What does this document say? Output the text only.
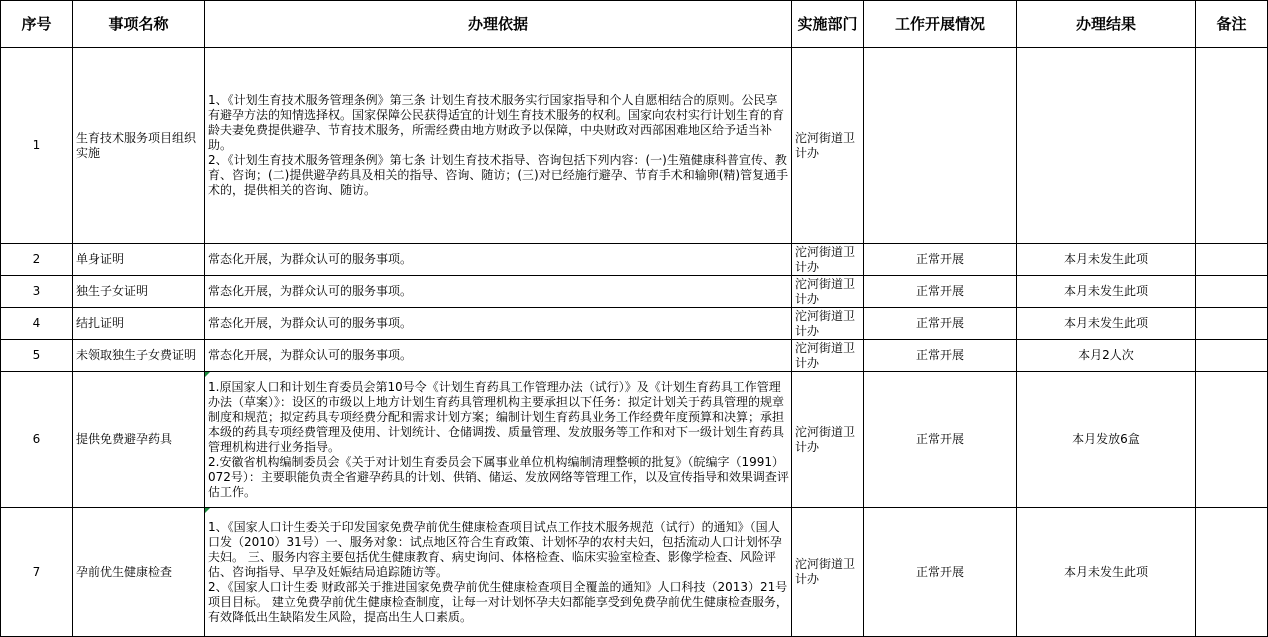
序号	事项名称	办理依据	实施部门	工作开展情况	办理结果	备注
1	生育技术服务项目组织实施	1、《计划生育技术服务管理条例》第三条 计划生育技术服务实行国家指导和个人自愿相结合的原则。公民享有避孕方法的知情选择权。国家保障公民获得适宜的计划生育技术服务的权利。国家向农村实行计划生育的育龄夫妻免费提供避孕、节育技术服务，所需经费由地方财政予以保障，中央财政对西部困难地区给予适当补助。

2、《计划生育技术服务管理条例》第七条 计划生育技术指导、咨询包括下列内容：(一)生殖健康科普宣传、教育、咨询；(二)提供避孕药具及相关的指导、咨询、随访；(三)对已经施行避孕、节育手术和输卵(精)管复通手术的，提供相关的咨询、随访。	沱河街道卫计办			
2	单身证明	常态化开展，为群众认可的服务事项。	沱河街道卫计办	正常开展	本月未发生此项	
3	独生子女证明	常态化开展，为群众认可的服务事项。	沱河街道卫计办	正常开展	本月未发生此项	
4	结扎证明	常态化开展，为群众认可的服务事项。	沱河街道卫计办	正常开展	本月未发生此项	
5	未领取独生子女费证明	常态化开展，为群众认可的服务事项。	沱河街道卫计办	正常开展	本月2人次	
6	提供免费避孕药具	1.原国家人口和计划生育委员会第10号令《计划生育药具工作管理办法（试行）》及《计划生育药具工作管理办法（草案）》：设区的市级以上地方计划生育药具管理机构主要承担以下任务：拟定计划关于药具管理的规章制度和规范；拟定药具专项经费分配和需求计划方案；编制计划生育药具业务工作经费年度预算和决算；承担本级的药具专项经费管理及使用、计划统计、仓储调拨、质量管理、发放服务等工作和对下一级计划生育药具管理机构进行业务指导。

2.安徽省机构编制委员会《关于对计划生育委员会下属事业单位机构编制清理整顿的批复》（皖编字（1991）072号）：主要职能负责全省避孕药具的计划、供销、储运、发放网络等管理工作，以及宣传指导和效果调查评估工作。	沱河街道卫计办	正常开展	本月发放6盒	
7	孕前优生健康检查	1、《国家人口计生委关于印发国家免费孕前优生健康检查项目试点工作技术服务规范（试行）的通知》（国人口发（2010）31号）一、服务对象：试点地区符合生育政策、计划怀孕的农村夫妇，包括流动人口计划怀孕夫妇。 三、服务内容主要包括优生健康教育、病史询问、体格检查、临床实验室检查、影像学检查、风险评估、咨询指导、早孕及妊娠结局追踪随访等。

2、《国家人口计生委 财政部关于推进国家免费孕前优生健康检查项目全覆盖的通知》人口科技（2013）21号

项目目标。 建立免费孕前优生健康检查制度，让每一对计划怀孕夫妇都能享受到免费孕前优生健康检查服务，有效降低出生缺陷发生风险，提高出生人口素质。	沱河街道卫计办	正常开展	本月未发生此项	
